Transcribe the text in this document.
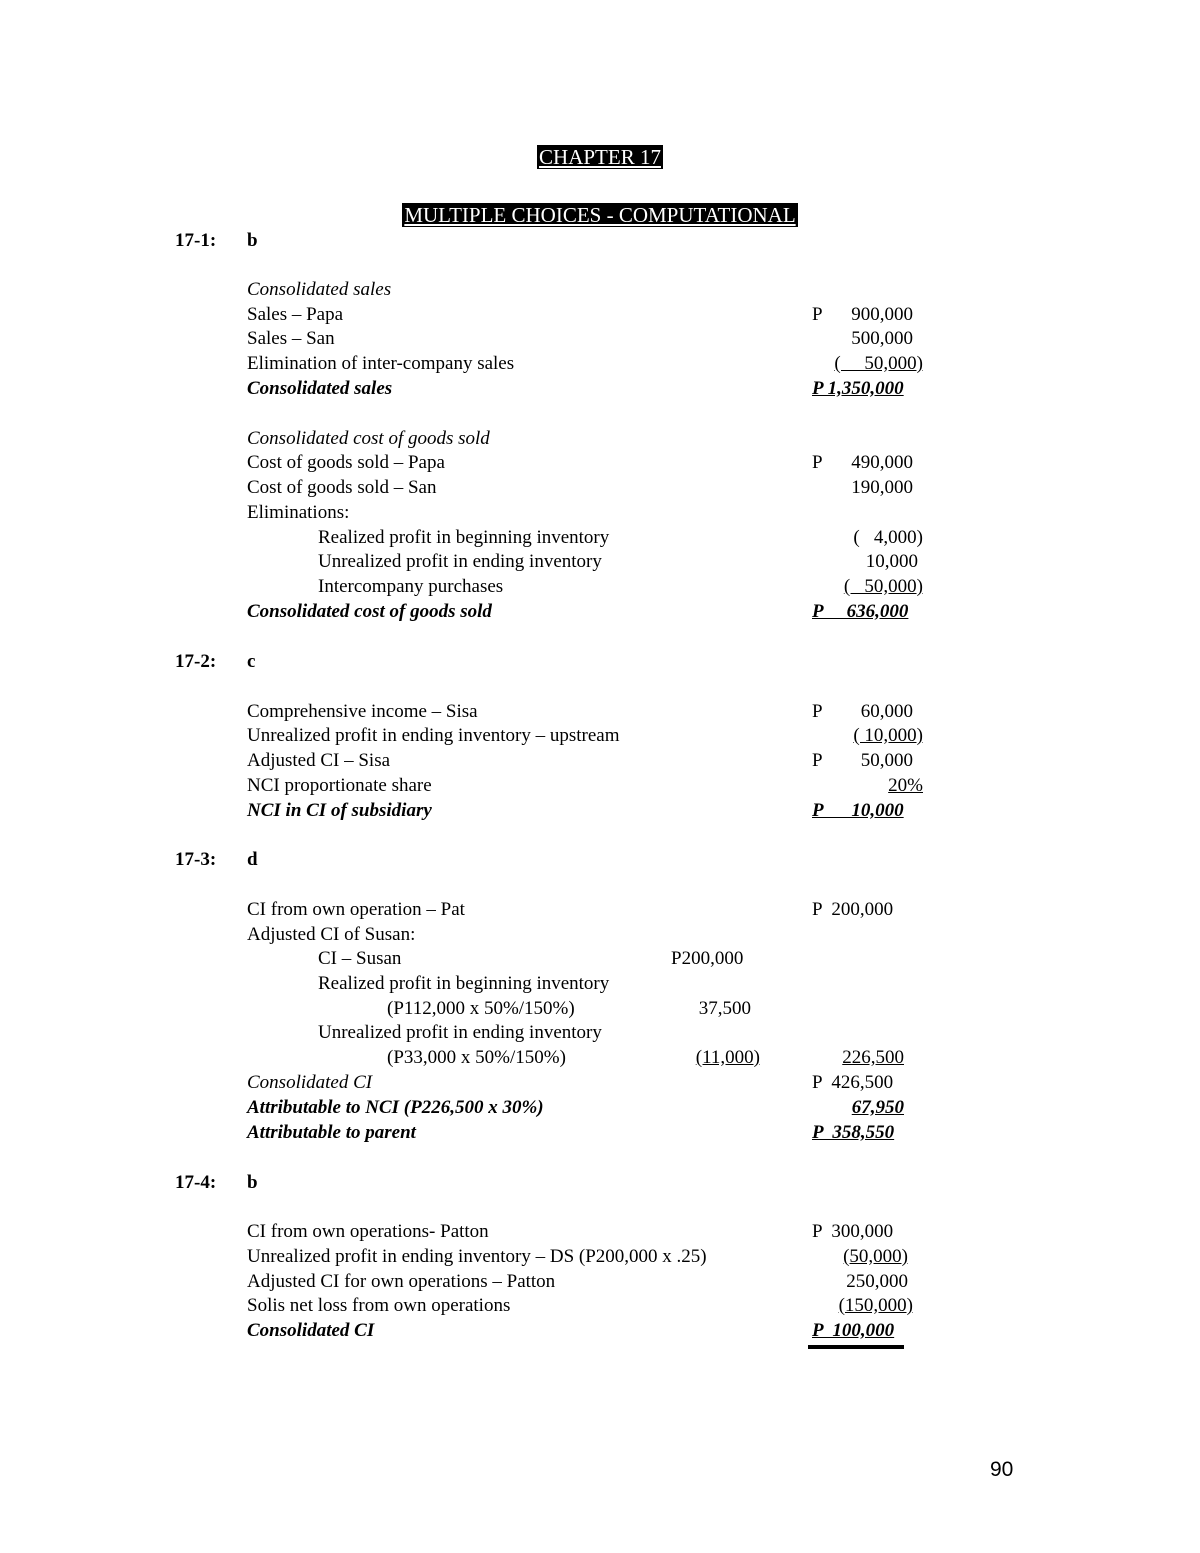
CHAPTER 17
MULTIPLE CHOICES - COMPUTATIONAL
17-1: b
Consolidated sales
Sales – Papa	P	900,000
Sales – San	500,000
Elimination of inter-company sales	(     50,000)
Consolidated sales	P 1,350,000
Consolidated cost of goods sold
Cost of goods sold – Papa	P	490,000
Cost of goods sold – San	190,000
Eliminations:
Realized profit in beginning inventory	(   4,000)
Unrealized profit in ending inventory	10,000
Intercompany purchases	(   50,000)
Consolidated cost of goods sold	P     636,000
17-2: c
Comprehensive income – Sisa	P	60,000
Unrealized profit in ending inventory – upstream	( 10,000)
Adjusted CI – Sisa	P	50,000
NCI proportionate share	20%
NCI in CI of subsidiary	P      10,000
17-3: d
CI from own operation – Pat	P  200,000
Adjusted CI of Susan:
CI – Susan	P200,000
Realized profit in beginning inventory
(P112,000 x 50%/150%)	37,500
Unrealized profit in ending inventory
(P33,000 x 50%/150%)	(11,000)	226,500
Consolidated CI	P  426,500
Attributable to NCI (P226,500 x 30%)	67,950
Attributable to parent	P  358,550
17-4: b
CI from own operations- Patton	P  300,000
Unrealized profit in ending inventory – DS (P200,000 x .25)	(50,000)
Adjusted CI for own operations – Patton	250,000
Solis net loss from own operations	(150,000)
Consolidated CI	P  100,000
90
